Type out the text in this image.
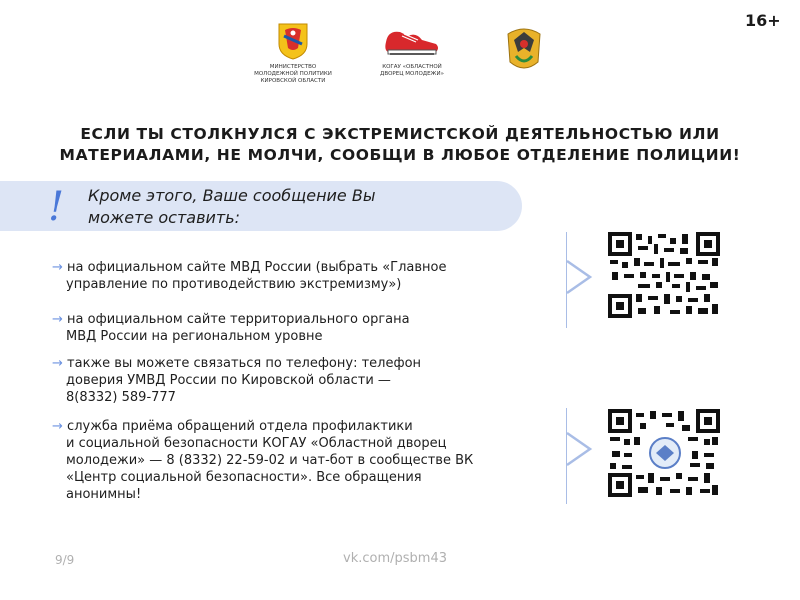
16+
МИНИСТЕРСТВО
МОЛОДЕЖНОЙ ПОЛИТИКИ
КИРОВСКОЙ ОБЛАСТИ
КОГАУ «ОБЛАСТНОЙ
ДВОРЕЦ МОЛОДЕЖИ»
ЕСЛИ ТЫ СТОЛКНУЛСЯ С ЭКСТРЕМИСТСКОЙ ДЕЯТЕЛЬНОСТЬЮ ИЛИ
МАТЕРИАЛАМИ, НЕ МОЛЧИ, СООБЩИ В ЛЮБОЕ ОТДЕЛЕНИЕ ПОЛИЦИИ!
! Кроме этого, Ваше сообщение Вы
можете оставить:
→ на официальном сайте МВД России (выбрать «Главное
управление по противодействию экстремизму»)
→ на официальном сайте территориального органа
МВД России на региональном уровне
→ также вы можете связаться по телефону: телефон
доверия УМВД России по Кировской области —
8(8332) 589-777
→ служба приёма обращений отдела профилактики
и социальной безопасности КОГАУ «Областной дворец
молодежи» — 8 (8332) 22-59-02 и чат-бот в сообществе ВК
«Центр социальной безопасности». Все обращения
анонимны!
9/9	vk.com/psbm43
